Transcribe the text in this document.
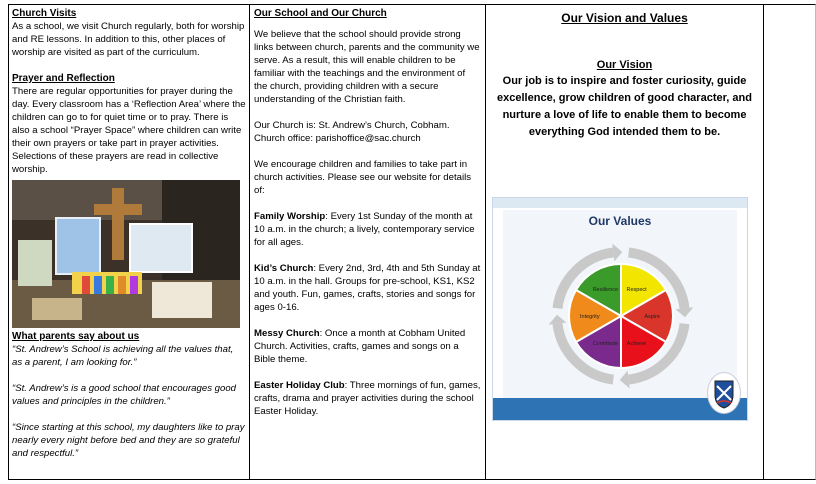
Church Visits
As a school, we visit Church regularly, both for worship and RE lessons. In addition to this, other places of worship are visited as part of the curriculum.
Prayer and Reflection
There are regular opportunities for prayer during the day. Every classroom has a ‘Reflection Area’ where the children can go to for quiet time or to pray. There is also a school “Prayer Space” where children can write their own prayers or take part in prayer activities. Selections of these prayers are read in collective worship.
What parents say about us
“St. Andrew’s School is achieving all the values that, as a parent, I am looking for.”
“St. Andrew’s is a good school that encourages good values and principles in the children.”
“Since starting at this school, my daughters like to pray nearly every night before bed and they are so grateful and respectful.”
Our School and Our Church
We believe that the school should provide strong links between church, parents and the community we serve. As a result, this will enable children to be familiar with the teachings and the environment of the church, providing children with a secure understanding of the Christian faith.
Our Church is: St. Andrew’s Church, Cobham.
Church office: parishoffice@sac.church
We encourage children and families to take part in church activities. Please see our website for details of:
Family Worship: Every 1st Sunday of the month at 10 a.m. in the church; a lively, contemporary service for all ages.
Kid’s Church: Every 2nd, 3rd, 4th and 5th Sunday at 10 a.m. in the hall. Groups for pre-school, KS1, KS2 and youth. Fun, games, crafts, stories and songs for ages 0-16.
Messy Church: Once a month at Cobham United Church. Activities, crafts, games and songs on a Bible theme.
Easter Holiday Club: Three mornings of fun, games, crafts, drama and prayer activities during the school Easter Holiday.
Our Vision and Values
Our Vision
Our job is to inspire and foster curiosity, guide excellence, grow children of good character, and nurture a love of life to enable them to become everything God intended them to be.
Our Values
Resilience Respect
Aspire
Achieve
Contribute
Integrity
